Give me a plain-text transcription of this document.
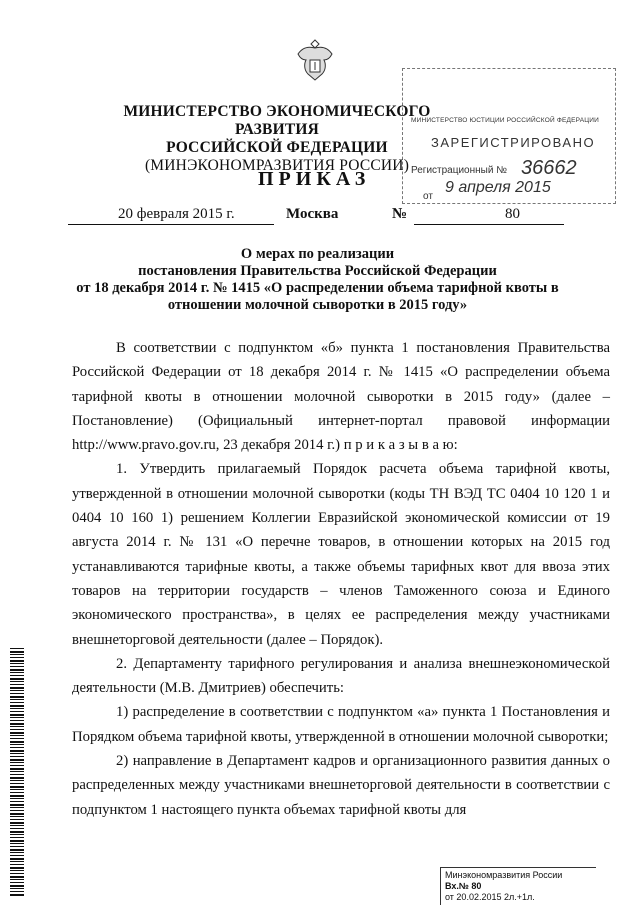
МИНИСТЕРСТВО ЭКОНОМИЧЕСКОГО РАЗВИТИЯ
РОССИЙСКОЙ ФЕДЕРАЦИИ
(МИНЭКОНОМРАЗВИТИЯ РОССИИ)
МИНИСТЕРСТВО ЮСТИЦИИ РОССИЙСКОЙ ФЕДЕРАЦИИ
ЗАРЕГИСТРИРОВАНО
Регистрационный № 36662
от
9 апреля 2015
ПРИКАЗ
20 февраля 2015 г.	Москва	№	80
О мерах по реализации
постановления Правительства Российской Федерации
от 18 декабря 2014 г. № 1415 «О распределении объема тарифной квоты в
отношении молочной сыворотки в 2015 году»

В соответствии с подпунктом «б» пункта 1 постановления Правительства Российской Федерации от 18 декабря 2014 г. № 1415 «О распределении объема тарифной квоты в отношении молочной сыворотки в 2015 году» (далее – Постановление) (Официальный интернет-портал правовой информации http://www.pravo.gov.ru, 23 декабря 2014 г.) п р и к а з ы в а ю:

1. Утвердить прилагаемый Порядок расчета объема тарифной квоты, утвержденной в отношении молочной сыворотки (коды ТН ВЭД ТС 0404 10 120 1 и 0404 10 160 1) решением Коллегии Евразийской экономической комиссии от 19 августа 2014 г. № 131 «О перечне товаров, в отношении которых на 2015 год устанавливаются тарифные квоты, а также объемы тарифных квот для ввоза этих товаров на территории государств – членов Таможенного союза и Единого экономического пространства», в целях ее распределения между участниками внешнеторговой деятельности (далее – Порядок).

2. Департаменту тарифного регулирования и анализа внешнеэкономической деятельности (М.В. Дмитриев) обеспечить:

1) распределение в соответствии с подпунктом «а» пункта 1 Постановления и Порядком объема тарифной квоты, утвержденной в отношении молочной сыворотки;

2) направление в Департамент кадров и организационного развития данных о распределенных между участниками внешнеторговой деятельности в соответствии с подпунктом 1 настоящего пункта объемах тарифной квоты для

Минэкономразвития России
Вх.№ 80
от 20.02.2015 2л.+1л.
